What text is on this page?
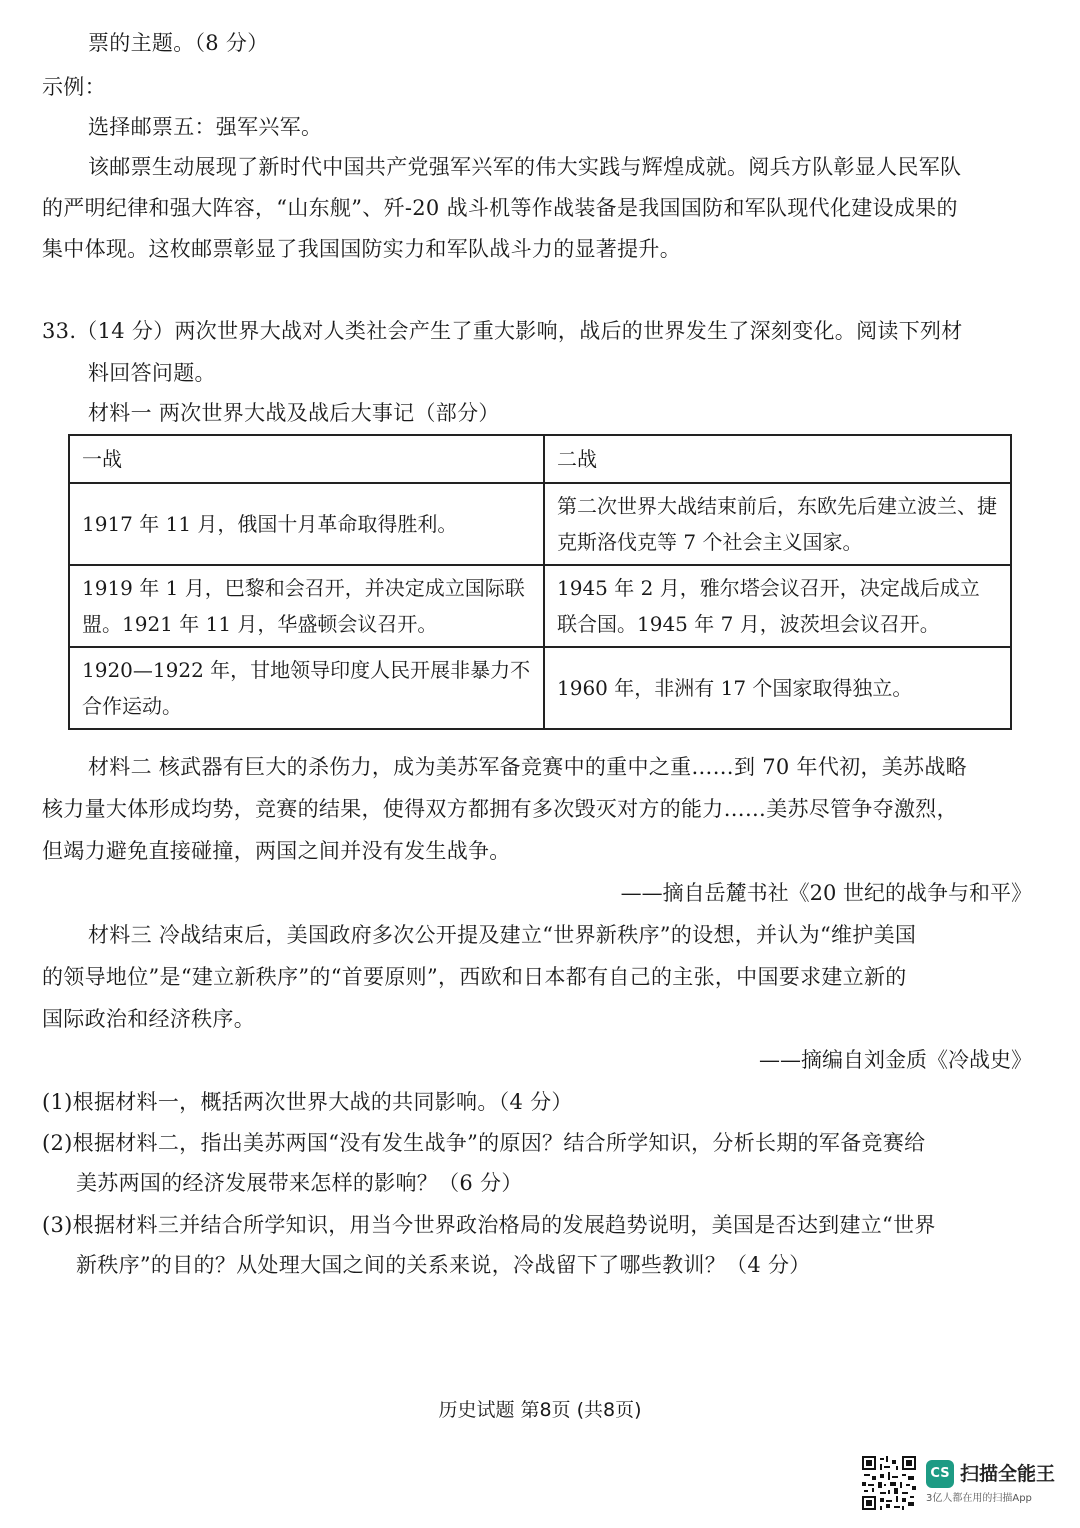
票的主题。（8 分）
示例：
选择邮票五：强军兴军。
该邮票生动展现了新时代中国共产党强军兴军的伟大实践与辉煌成就。阅兵方队彰显人民军队
的严明纪律和强大阵容，“山东舰”、歼-20 战斗机等作战装备是我国国防和军队现代化建设成果的
集中体现。这枚邮票彰显了我国国防实力和军队战斗力的显著提升。
33.（14 分）两次世界大战对人类社会产生了重大影响，战后的世界发生了深刻变化。阅读下列材
料回答问题。
材料一 两次世界大战及战后大事记（部分）
一战	二战
1917 年 11 月，俄国十月革命取得胜利。	第二次世界大战结束前后，东欧先后建立波兰、捷克斯洛伐克等 7 个社会主义国家。
1919 年 1 月，巴黎和会召开，并决定成立国际联盟。1921 年 11 月，华盛顿会议召开。	1945 年 2 月，雅尔塔会议召开，决定战后成立联合国。1945 年 7 月，波茨坦会议召开。
1920—1922 年，甘地领导印度人民开展非暴力不合作运动。	1960 年，非洲有 17 个国家取得独立。
材料二 核武器有巨大的杀伤力，成为美苏军备竞赛中的重中之重……到 70 年代初，美苏战略
核力量大体形成均势，竞赛的结果，使得双方都拥有多次毁灭对方的能力……美苏尽管争夺激烈，
但竭力避免直接碰撞，两国之间并没有发生战争。
——摘自岳麓书社《20 世纪的战争与和平》
材料三 冷战结束后，美国政府多次公开提及建立“世界新秩序”的设想，并认为“维护美国
的领导地位”是“建立新秩序”的“首要原则”，西欧和日本都有自己的主张，中国要求建立新的
国际政治和经济秩序。
——摘编自刘金质《冷战史》
(1)根据材料一，概括两次世界大战的共同影响。（4 分）
(2)根据材料二，指出美苏两国“没有发生战争”的原因？结合所学知识，分析长期的军备竞赛给
美苏两国的经济发展带来怎样的影响？（6 分）
(3)根据材料三并结合所学知识，用当今世界政治格局的发展趋势说明，美国是否达到建立“世界
新秩序”的目的？从处理大国之间的关系来说，冷战留下了哪些教训？（4 分）
历史试题 第8页 (共8页)
CS 扫描全能王
3亿人都在用的扫描App
